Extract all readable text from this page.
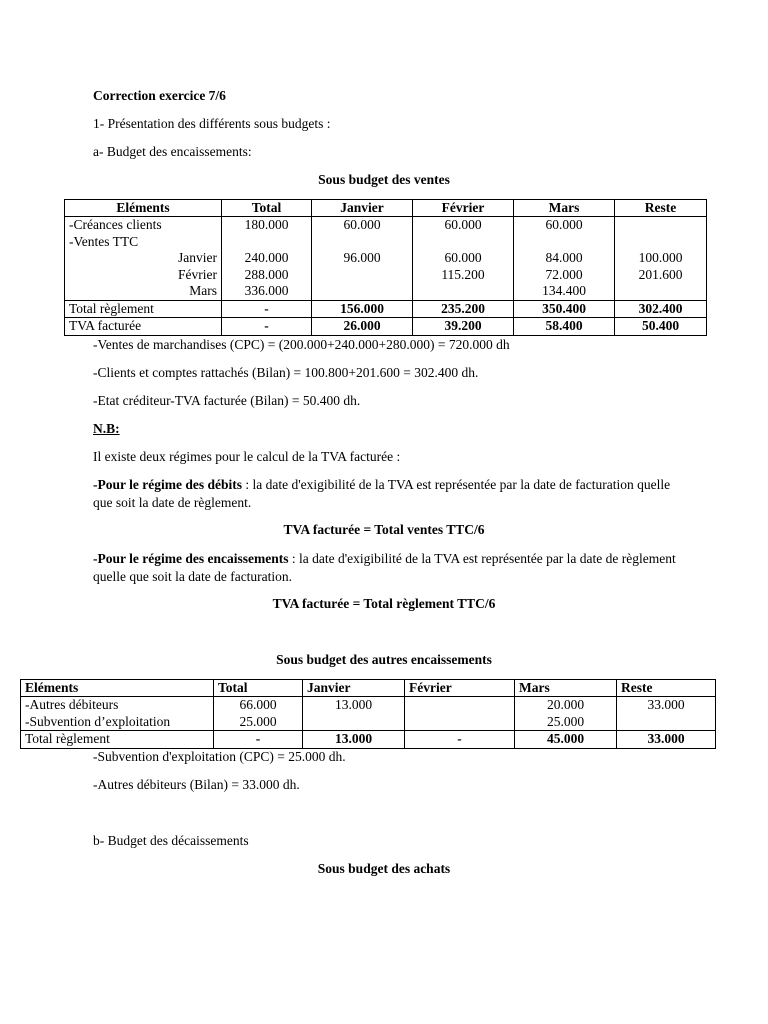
Correction exercice 7/6
1- Présentation des différents sous budgets :
a- Budget des encaissements:
Sous budget des ventes
Eléments	Total	Janvier	Février	Mars	Reste
-Créances clients	180.000	60.000	60.000	60.000	
-Ventes TTC					
Janvier	240.000	96.000	60.000	84.000	100.000
Février	288.000		115.200	72.000	201.600
Mars	336.000			134.400	
Total règlement	-	156.000	235.200	350.400	302.400
TVA facturée	-	26.000	39.200	58.400	50.400
-Ventes de marchandises (CPC) = (200.000+240.000+280.000) = 720.000 dh
-Clients et comptes rattachés (Bilan) = 100.800+201.600 = 302.400 dh.
-Etat créditeur-TVA facturée (Bilan) = 50.400 dh.
N.B:
Il existe deux régimes pour le calcul de la TVA facturée :
-Pour le régime des débits : la date d'exigibilité de la TVA est représentée par la date de facturation quelle que soit la date de règlement.
TVA facturée = Total ventes TTC/6
-Pour le régime des encaissements : la date d'exigibilité de la TVA est représentée par la date de règlement quelle que soit la date de facturation.
TVA facturée = Total règlement TTC/6
Sous budget des autres encaissements
Eléments	Total	Janvier	Février	Mars	Reste
-Autres débiteurs	66.000	13.000		20.000	33.000
-Subvention d’exploitation	25.000			25.000	
Total règlement	-	13.000	-	45.000	33.000
-Subvention d'exploitation (CPC) = 25.000 dh.
-Autres débiteurs (Bilan) = 33.000 dh.
b- Budget des décaissements
Sous budget des achats
